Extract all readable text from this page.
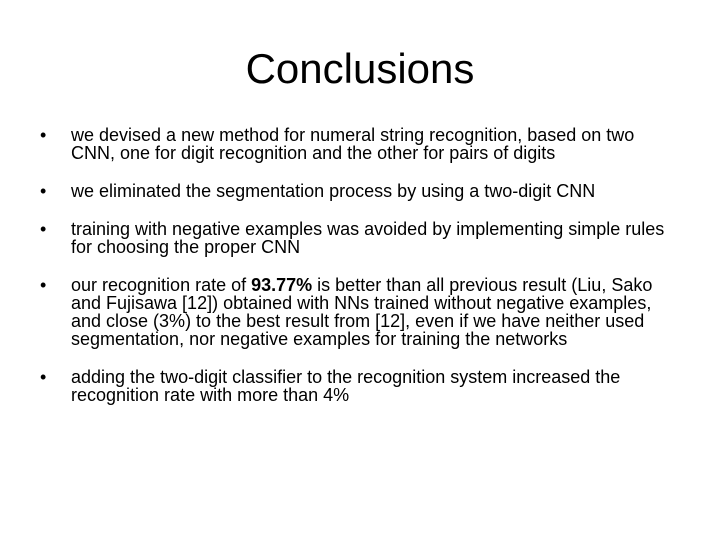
Conclusions
•	we devised a new method for numeral string recognition, based on two CNN, one for digit recognition and the other for pairs of digits
•	we eliminated the segmentation process by using a two-digit CNN
•	training with negative examples was avoided by implementing simple rules for choosing the proper CNN
•	our recognition rate of 93.77% is better than all previous result (Liu, Sako and Fujisawa [12]) obtained with NNs trained without negative examples, and close (3%) to the best result from [12], even if we have neither used segmentation, nor negative examples for training the networks
•	adding the two-digit classifier to the recognition system increased the recognition rate with more than 4%
